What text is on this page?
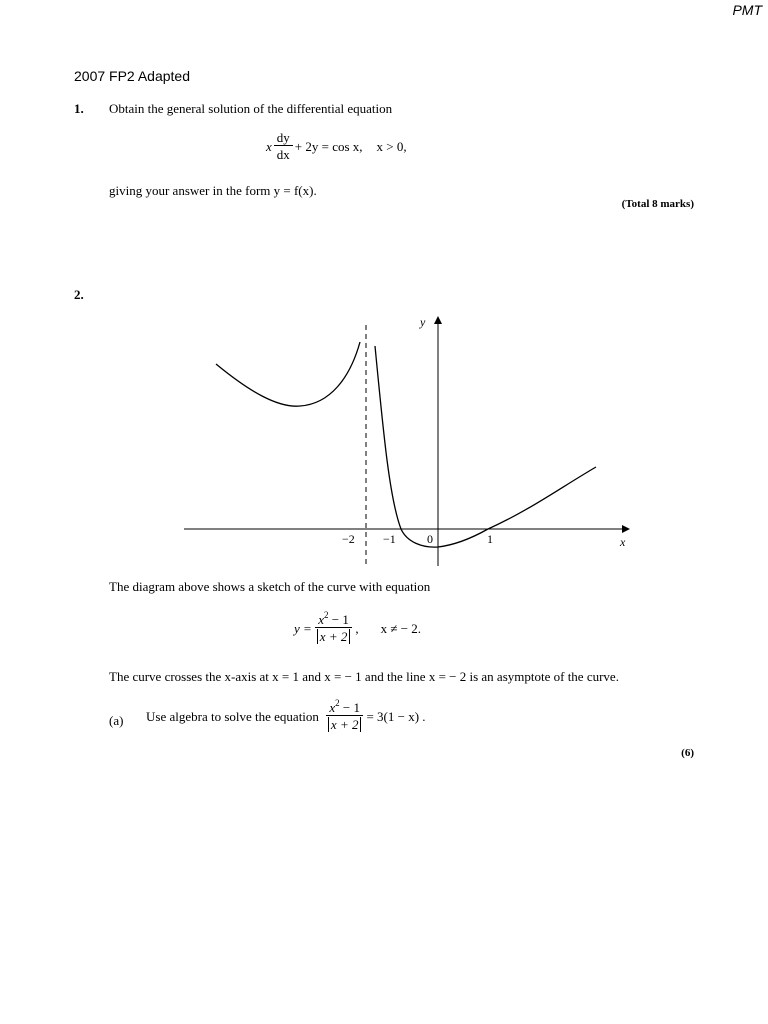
PMT
2007 FP2 Adapted
1. Obtain the general solution of the differential equation
x $\frac{dy}{dx} + 2y = \cos x$, x > 0,
giving your answer in the form y = f(x).
(Total 8 marks)
2.
y
x
−2 −1	0	1
The diagram above shows a sketch of the curve with equation
$y = \frac{x^2 - 1}{x + 2}$ , x ≠ − 2.
The curve crosses the x-axis at x = 1 and x = − 1 and the line x = − 2 is an asymptote of the curve.
(a) Use algebra to solve the equation $\frac{x^2 - 1}{x + 2} = 3(1 - x)$ .
(6)
